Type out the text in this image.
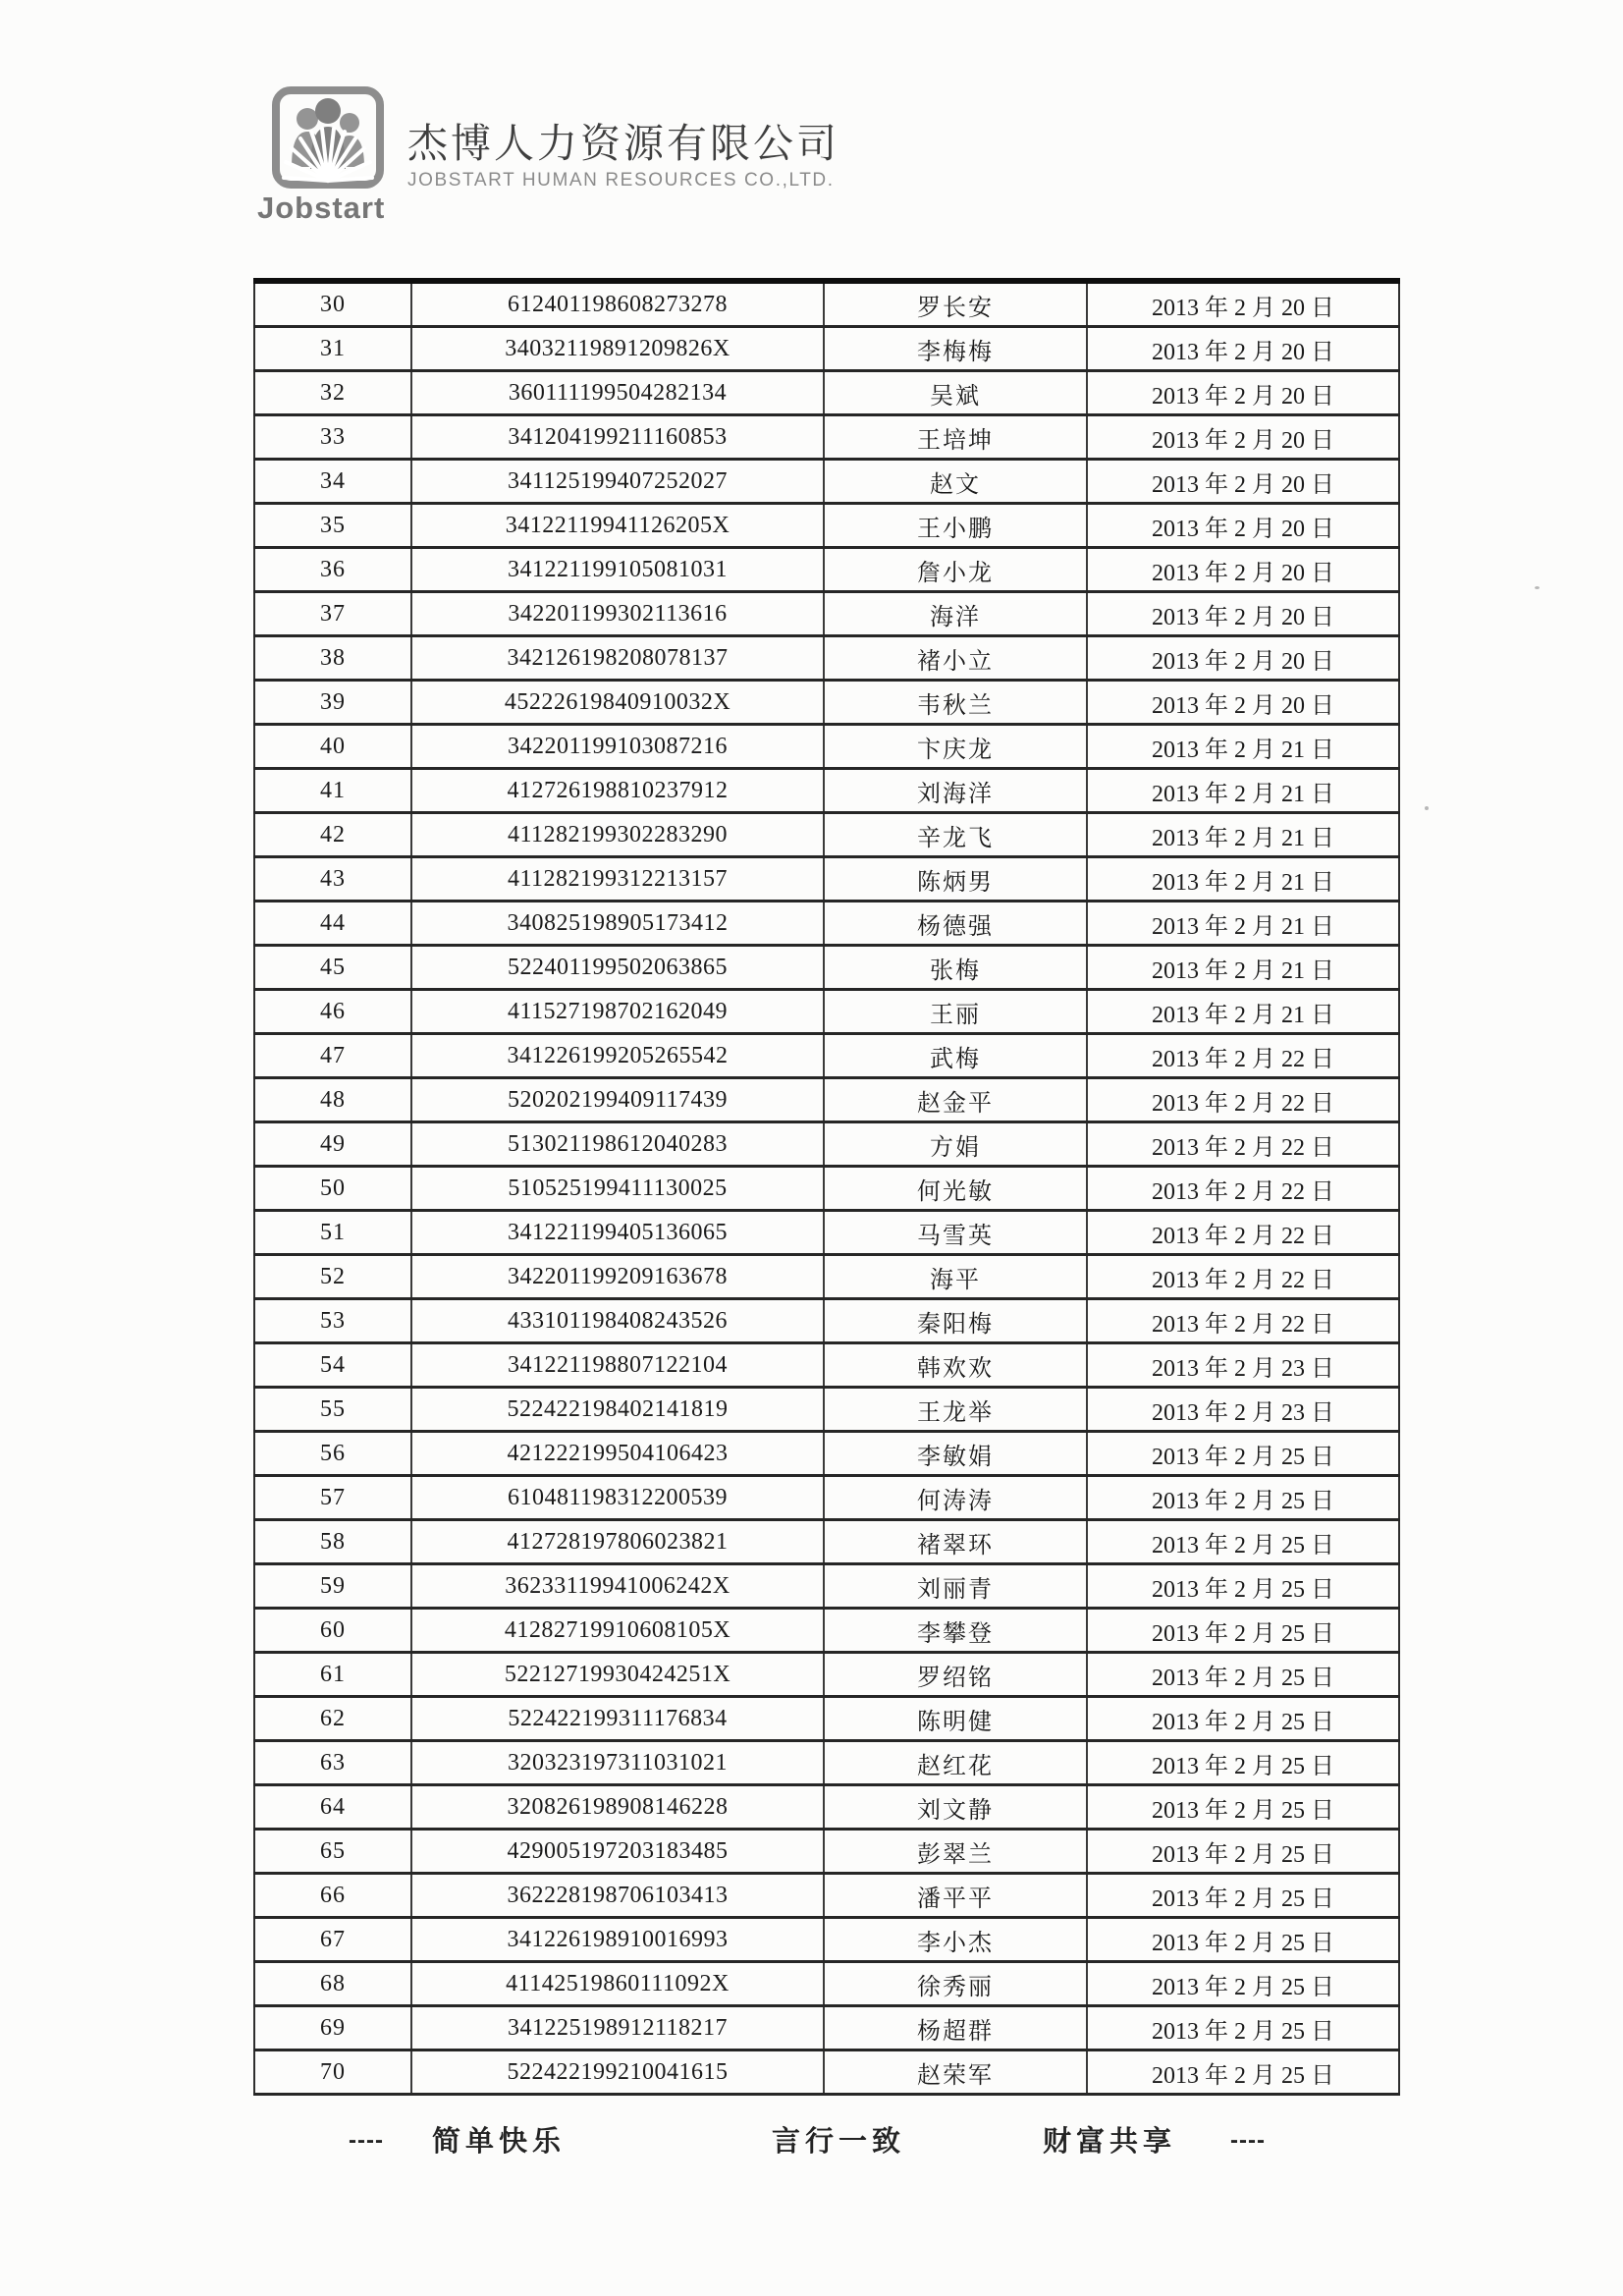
Jobstart
杰博人力资源有限公司
JOBSTART HUMAN RESOURCES CO.,LTD.
30	612401198608273278	罗长安	2013 年 2 月 20 日
31	34032119891209826X	李梅梅	2013 年 2 月 20 日
32	360111199504282134	吴斌	2013 年 2 月 20 日
33	341204199211160853	王培坤	2013 年 2 月 20 日
34	341125199407252027	赵文	2013 年 2 月 20 日
35	34122119941126205X	王小鹏	2013 年 2 月 20 日
36	341221199105081031	詹小龙	2013 年 2 月 20 日
37	342201199302113616	海洋	2013 年 2 月 20 日
38	342126198208078137	褚小立	2013 年 2 月 20 日
39	45222619840910032X	韦秋兰	2013 年 2 月 20 日
40	342201199103087216	卞庆龙	2013 年 2 月 21 日
41	412726198810237912	刘海洋	2013 年 2 月 21 日
42	411282199302283290	辛龙飞	2013 年 2 月 21 日
43	411282199312213157	陈炳男	2013 年 2 月 21 日
44	340825198905173412	杨德强	2013 年 2 月 21 日
45	522401199502063865	张梅	2013 年 2 月 21 日
46	411527198702162049	王丽	2013 年 2 月 21 日
47	341226199205265542	武梅	2013 年 2 月 22 日
48	520202199409117439	赵金平	2013 年 2 月 22 日
49	513021198612040283	方娟	2013 年 2 月 22 日
50	510525199411130025	何光敏	2013 年 2 月 22 日
51	341221199405136065	马雪英	2013 年 2 月 22 日
52	342201199209163678	海平	2013 年 2 月 22 日
53	433101198408243526	秦阳梅	2013 年 2 月 22 日
54	341221198807122104	韩欢欢	2013 年 2 月 23 日
55	522422198402141819	王龙举	2013 年 2 月 23 日
56	421222199504106423	李敏娟	2013 年 2 月 25 日
57	610481198312200539	何涛涛	2013 年 2 月 25 日
58	412728197806023821	褚翠环	2013 年 2 月 25 日
59	36233119941006242X	刘丽青	2013 年 2 月 25 日
60	41282719910608105X	李攀登	2013 年 2 月 25 日
61	52212719930424251X	罗绍铭	2013 年 2 月 25 日
62	522422199311176834	陈明健	2013 年 2 月 25 日
63	320323197311031021	赵红花	2013 年 2 月 25 日
64	320826198908146228	刘文静	2013 年 2 月 25 日
65	429005197203183485	彭翠兰	2013 年 2 月 25 日
66	362228198706103413	潘平平	2013 年 2 月 25 日
67	341226198910016993	李小杰	2013 年 2 月 25 日
68	41142519860111092X	徐秀丽	2013 年 2 月 25 日
69	341225198912118217	杨超群	2013 年 2 月 25 日
70	522422199210041615	赵荣军	2013 年 2 月 25 日
---- 简单快乐	言行一致	财富共享 ----
